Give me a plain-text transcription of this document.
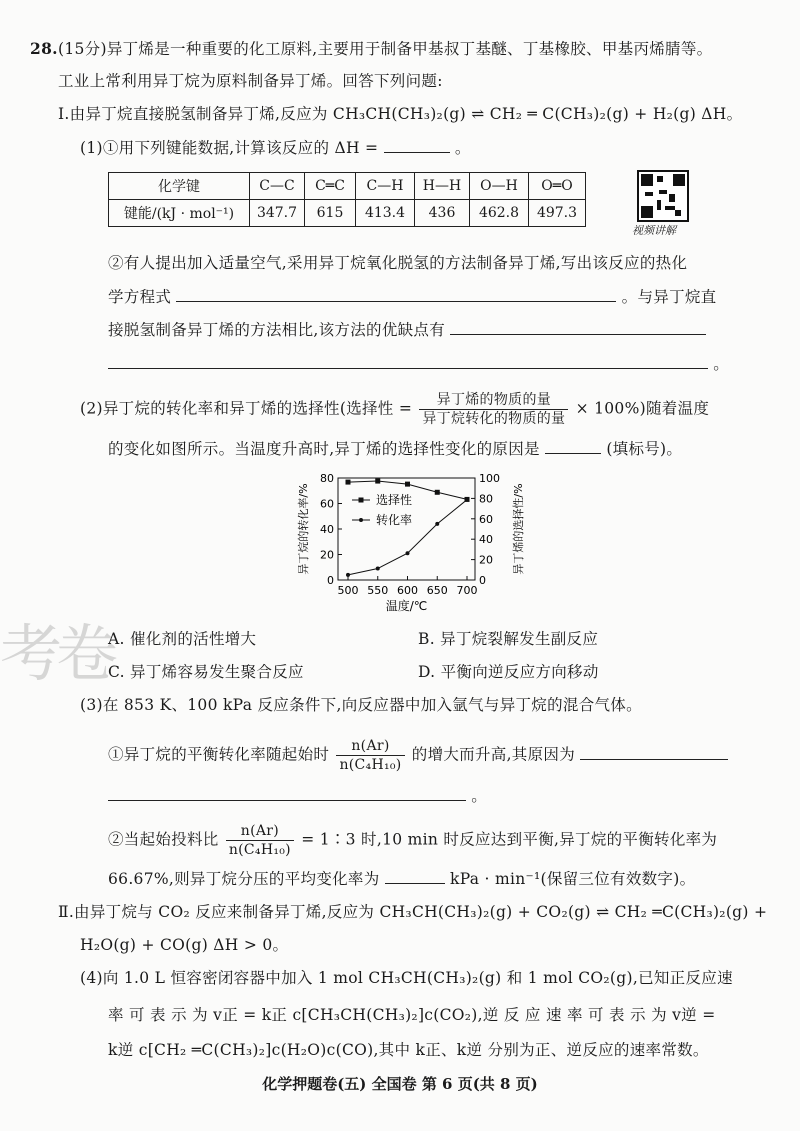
28. (15分)异丁烯是一种重要的化工原料,主要用于制备甲基叔丁基醚、丁基橡胶、甲基丙烯腈等。
工业上常利用异丁烷为原料制备异丁烯。回答下列问题:
Ⅰ.由异丁烷直接脱氢制备异丁烯,反应为 CH₃CH(CH₃)₂(g) ⇌ CH₂ ═ C(CH₃)₂(g) + H₂(g) ΔH。
(1)①用下列键能数据,计算该反应的 ΔH =	。
化学键	C—C	C═C	C—H	H—H	O—H	O═O
键能/(kJ · mol⁻¹)	347.7	615	413.4	436	462.8	497.3
视频讲解
②有人提出加入适量空气,采用异丁烷氧化脱氢的方法制备异丁烯,写出该反应的热化
学方程式	。与异丁烷直
接脱氢制备异丁烯的方法相比,该方法的优缺点有
。
(2)异丁烷的转化率和异丁烯的选择性(选择性 = $\frac{\text{异丁烯的物质的量}}{\text{异丁烷转化的物质的量}} \times 100\%$)随着温度
的变化如图所示。当温度升高时,异丁烯的选择性变化的原因是	(填标号)。
0
20
40
60
80
0
20
40
60
80
100
500 550 600 650 700
温度/℃
异丁烷的转化率/%	异丁烯的选择性/%
选择性
转化率
考卷
A. 催化剂的活性增大	B. 异丁烷裂解发生副反应
C. 异丁烯容易发生聚合反应	D. 平衡向逆反应方向移动
(3)在 853 K、100 kPa 反应条件下,向反应器中加入氩气与异丁烷的混合气体。
①异丁烷的平衡转化率随起始时 $\frac{n(Ar)}{\text{n(C₄H₁₀)}}$ 的增大而升高,其原因为
。
②当起始投料比 $\frac{n(Ar)}{\text{n(C₄H₁₀)}}$ = 1∶3 时,10 min 时反应达到平衡,异丁烷的平衡转化率为
66.67%,则异丁烷分压的平均变化率为	kPa · min⁻¹(保留三位有效数字)。
Ⅱ.由异丁烷与 CO₂ 反应来制备异丁烯,反应为 CH₃CH(CH₃)₂(g) + CO₂(g) ⇌ CH₂ ═C(CH₃)₂(g) +
H₂O(g) + CO(g) ΔH > 0。
(4)向 1.0 L 恒容密闭容器中加入 1 mol CH₃CH(CH₃)₂(g) 和 1 mol CO₂(g),已知正反应速
率 可 表 示 为 v正 = k正 c[CH₃CH(CH₃)₂]c(CO₂),逆 反 应 速 率 可 表 示 为 v逆 =
k逆 c[CH₂ ═C(CH₃)₂]c(H₂O)c(CO),其中 k正、k逆 分别为正、逆反应的速率常数。
化学押题卷(五) 全国卷 第 6 页(共 8 页)
